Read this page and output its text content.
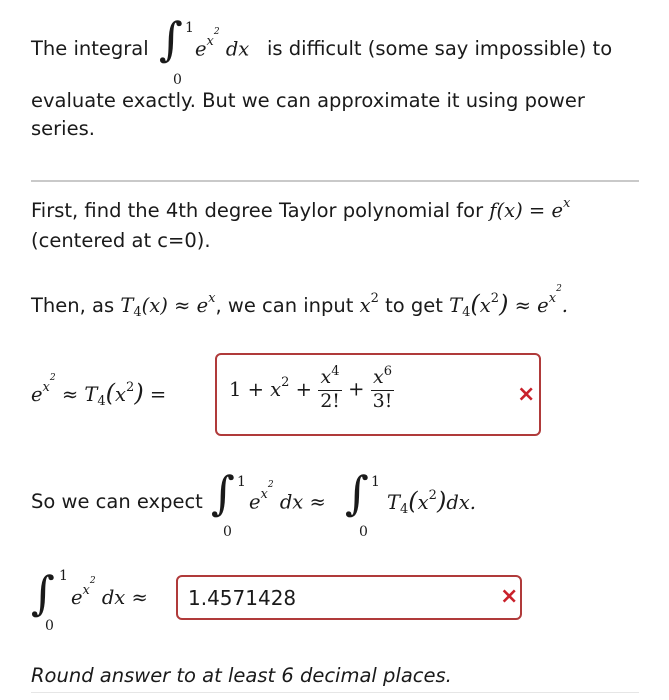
The integral ∫ 1
0
$e^{x^2}$ dx is difficult (some say impossible) to
evaluate exactly. But we can approximate it using power
series.
First, find the 4th degree Taylor polynomial for $f(x) = e^x$
(centered at c=0).
Then, as $T_4(x) \approx e^x$, we can input $x^2$ to get $T_4(x^2) \approx e^{x^2}$.
$e^{x^2} \approx T_4(x^2)$ =	$1 + x^2 + \frac{x^4}{2!} + \frac{x^6}{3!}$	×
So we can expect ∫ 1
0
$e^{x^2}$ dx ≈ ∫ 1
0
$T_4(x^2)dx$.
∫ 1
0
$e^{x^2}$ dx ≈ 1.4571428	×
Round answer to at least 6 decimal places.
